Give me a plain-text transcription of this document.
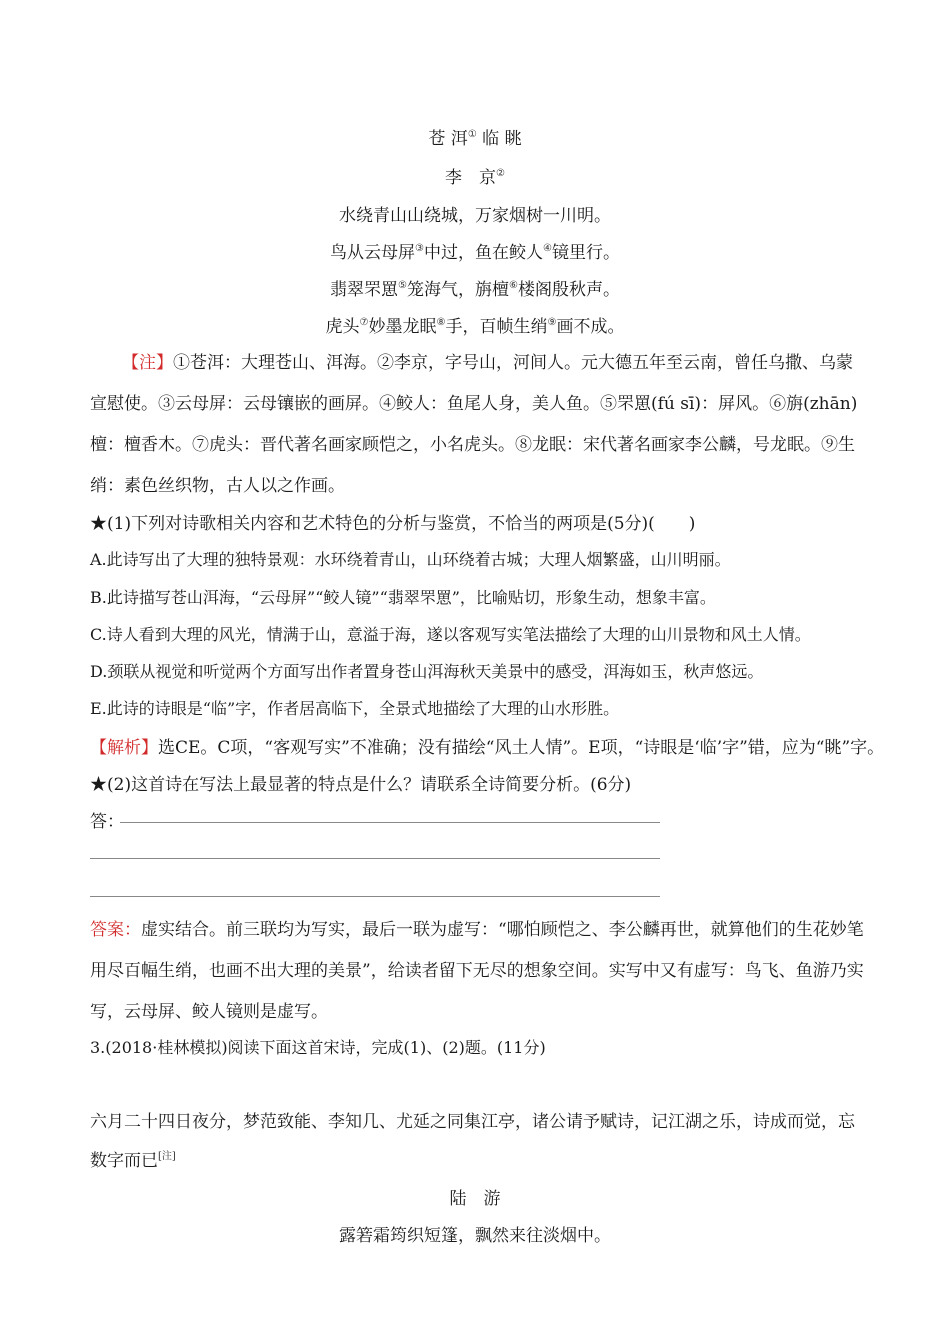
苍 洱① 临 眺
李　京②
水绕青山山绕城，万家烟树一川明。
鸟从云母屏③中过，鱼在鲛人④镜里行。
翡翠罘罳⑤笼海气，旃檀⑥楼阁殷秋声。
虎头⑦妙墨龙眠⑧手，百帧生绡⑨画不成。
【注】①苍洱：大理苍山、洱海。②李京，字号山，河间人。元大德五年至云南，曾任乌撒、乌蒙
宣慰使。③云母屏：云母镶嵌的画屏。④鲛人：鱼尾人身，美人鱼。⑤罘罳(fú sī)：屏风。⑥旃(zhān)
檀：檀香木。⑦虎头：晋代著名画家顾恺之，小名虎头。⑧龙眠：宋代著名画家李公麟，号龙眠。⑨生
绡：素色丝织物，古人以之作画。
★(1)下列对诗歌相关内容和艺术特色的分析与鉴赏，不恰当的两项是(5分)(　　)
A.此诗写出了大理的独特景观：水环绕着青山，山环绕着古城；大理人烟繁盛，山川明丽。
B.此诗描写苍山洱海，“云母屏”“鲛人镜”“翡翠罘罳”，比喻贴切，形象生动，想象丰富。
C.诗人看到大理的风光，情满于山，意溢于海，遂以客观写实笔法描绘了大理的山川景物和风土人情。
D.颈联从视觉和听觉两个方面写出作者置身苍山洱海秋天美景中的感受，洱海如玉，秋声悠远。
E.此诗的诗眼是“临”字，作者居高临下，全景式地描绘了大理的山水形胜。
【解析】选CE。C项，“客观写实”不准确；没有描绘“风土人情”。E项，“诗眼是‘临’字”错，应为“眺”字。
★(2)这首诗在写法上最显著的特点是什么？请联系全诗简要分析。(6分)
答：
答案：虚实结合。前三联均为写实，最后一联为虚写：“哪怕顾恺之、李公麟再世，就算他们的生花妙笔
用尽百幅生绡，也画不出大理的美景”，给读者留下无尽的想象空间。实写中又有虚写：鸟飞、鱼游乃实
写，云母屏、鲛人镜则是虚写。
3.(2018·桂林模拟)阅读下面这首宋诗，完成(1)、(2)题。(11分)
六月二十四日夜分，梦范致能、李知几、尤延之同集江亭，诸公请予赋诗，记江湖之乐，诗成而觉，忘
数字而已[注]
陆　游
露箬霜筠织短篷，飘然来往淡烟中。
